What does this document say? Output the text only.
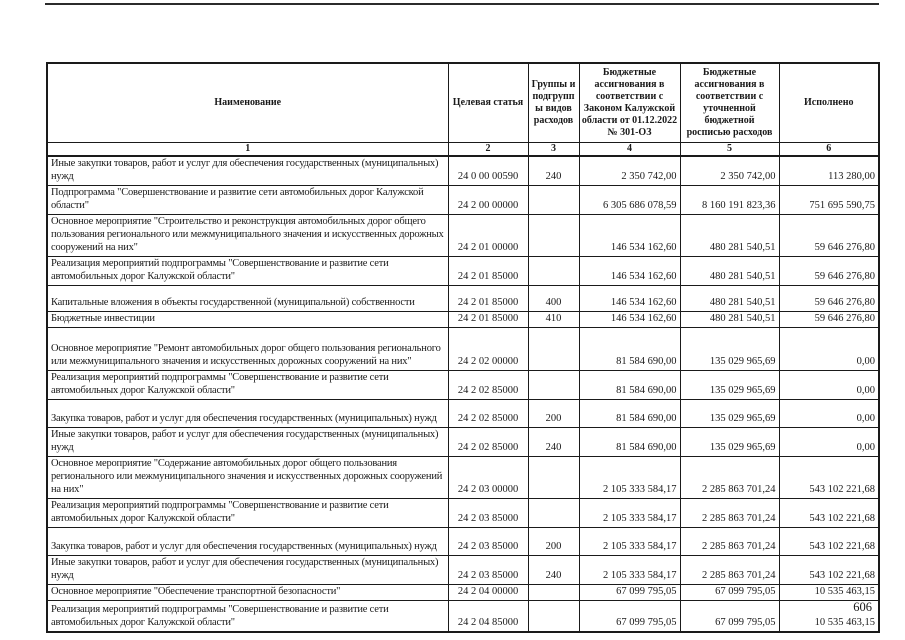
Наименование	Целевая статья	Группы и подгруппы видов расходов	Бюджетные ассигнования в соответствии с Законом Калужской области от 01.12.2022 № 301-ОЗ	Бюджетные ассигнования в соответствии с уточненной бюджетной росписью расходов	Исполнено
1	2	3	4	5	6
Иные закупки товаров, работ и услуг для обеспечения государственных (муниципальных) нужд	24 0 00 00590	240	2 350 742,00	2 350 742,00	113 280,00
Подпрограмма "Совершенствование и развитие сети автомобильных дорог Калужской области"	24 2 00 00000		6 305 686 078,59	8 160 191 823,36	751 695 590,75
Основное мероприятие "Строительство и реконструкция автомобильных дорог общего пользования регионального или межмуниципального значения и искусственных дорожных сооружений на них"	24 2 01 00000		146 534 162,60	480 281 540,51	59 646 276,80
Реализация мероприятий подпрограммы "Совершенствование и развитие сети автомобильных дорог Калужской области"	24 2 01 85000		146 534 162,60	480 281 540,51	59 646 276,80
Капитальные вложения в объекты государственной (муниципальной) собственности	24 2 01 85000	400	146 534 162,60	480 281 540,51	59 646 276,80
Бюджетные инвестиции	24 2 01 85000	410	146 534 162,60	480 281 540,51	59 646 276,80
Основное мероприятие "Ремонт автомобильных дорог общего пользования регионального или межмуниципального значения и искусственных дорожных сооружений на них"	24 2 02 00000		81 584 690,00	135 029 965,69	0,00
Реализация мероприятий подпрограммы "Совершенствование и развитие сети автомобильных дорог Калужской области"	24 2 02 85000		81 584 690,00	135 029 965,69	0,00
Закупка товаров, работ и услуг для обеспечения государственных (муниципальных) нужд	24 2 02 85000	200	81 584 690,00	135 029 965,69	0,00
Иные закупки товаров, работ и услуг для обеспечения государственных (муниципальных) нужд	24 2 02 85000	240	81 584 690,00	135 029 965,69	0,00
Основное мероприятие "Содержание автомобильных дорог общего пользования регионального или межмуниципального значения и искусственных дорожных сооружений на них"	24 2 03 00000		2 105 333 584,17	2 285 863 701,24	543 102 221,68
Реализация мероприятий подпрограммы "Совершенствование и развитие сети автомобильных дорог Калужской области"	24 2 03 85000		2 105 333 584,17	2 285 863 701,24	543 102 221,68
Закупка товаров, работ и услуг для обеспечения государственных (муниципальных) нужд	24 2 03 85000	200	2 105 333 584,17	2 285 863 701,24	543 102 221,68
Иные закупки товаров, работ и услуг для обеспечения государственных (муниципальных) нужд	24 2 03 85000	240	2 105 333 584,17	2 285 863 701,24	543 102 221,68
Основное мероприятие "Обеспечение транспортной безопасности"	24 2 04 00000		67 099 795,05	67 099 795,05	10 535 463,15
Реализация мероприятий подпрограммы "Совершенствование и развитие сети автомобильных дорог Калужской области"	24 2 04 85000		67 099 795,05	67 099 795,05	10 535 463,15
606
